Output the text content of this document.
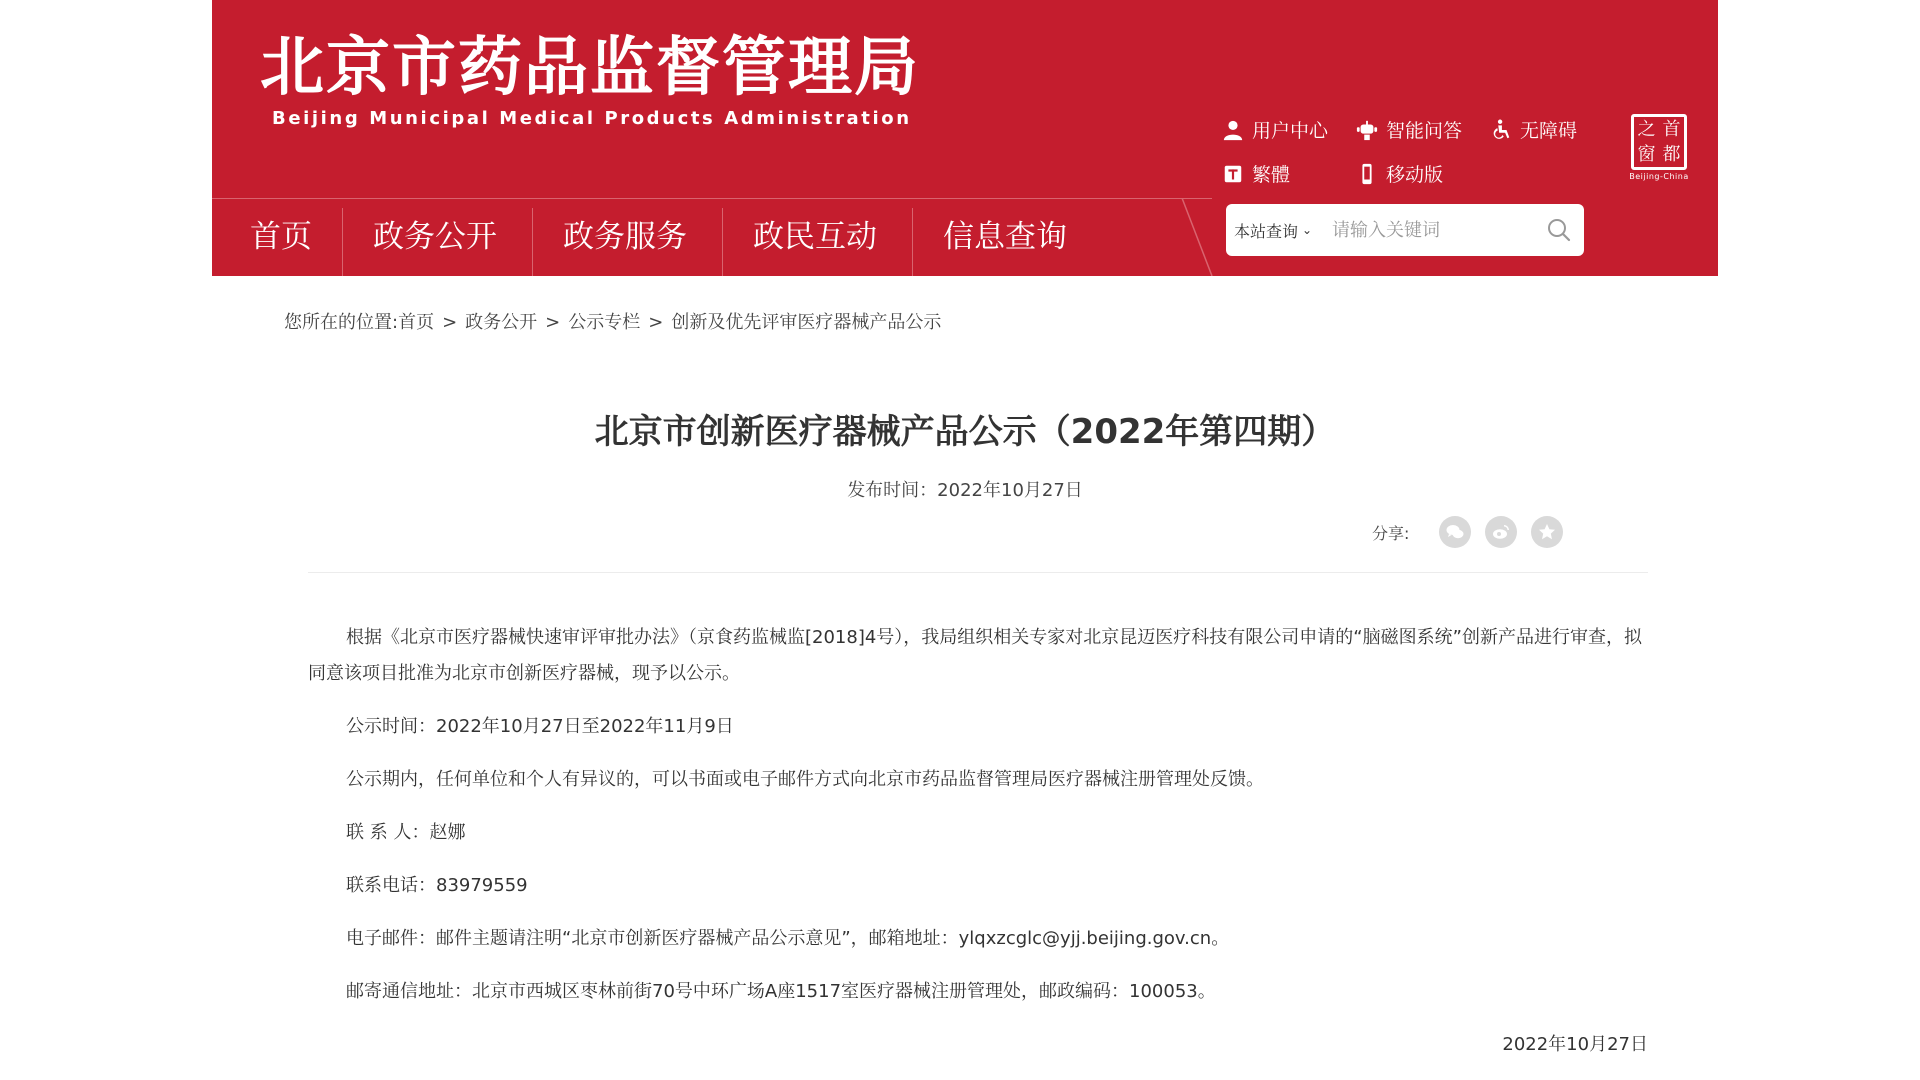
北京市药品监督管理局
Beijing Municipal Medical Products Administration
用户中心	智能问答	无障碍
繁體	移动版
之 首
窗 都
Beijing-China
首页 政务公开 政务服务 政民互动 信息查询	本站查询 ⌄
请输入关键词
您所在的位置:首页 > 政务公开 > 公示专栏 > 创新及优先评审医疗器械产品公示
北京市创新医疗器械产品公示（2022年第四期）
发布时间：2022年10月27日
分享:

根据《北京市医疗器械快速审评审批办法》（京食药监械监[2018]4号），我局组织相关专家对北京昆迈医疗科技有限公司申请的“脑磁图系统”创新产品进行审查，拟同意该项目批准为北京市创新医疗器械，现予以公示。

公示时间：2022年10月27日至2022年11月9日

公示期内，任何单位和个人有异议的，可以书面或电子邮件方式向北京市药品监督管理局医疗器械注册管理处反馈。

联 系 人：赵娜

联系电话：83979559

电子邮件：邮件主题请注明“北京市创新医疗器械产品公示意见”，邮箱地址：ylqxzcglc@yjj.beijing.gov.cn。

邮寄通信地址：北京市西城区枣林前街70号中环广场A座1517室医疗器械注册管理处，邮政编码：100053。

2022年10月27日
